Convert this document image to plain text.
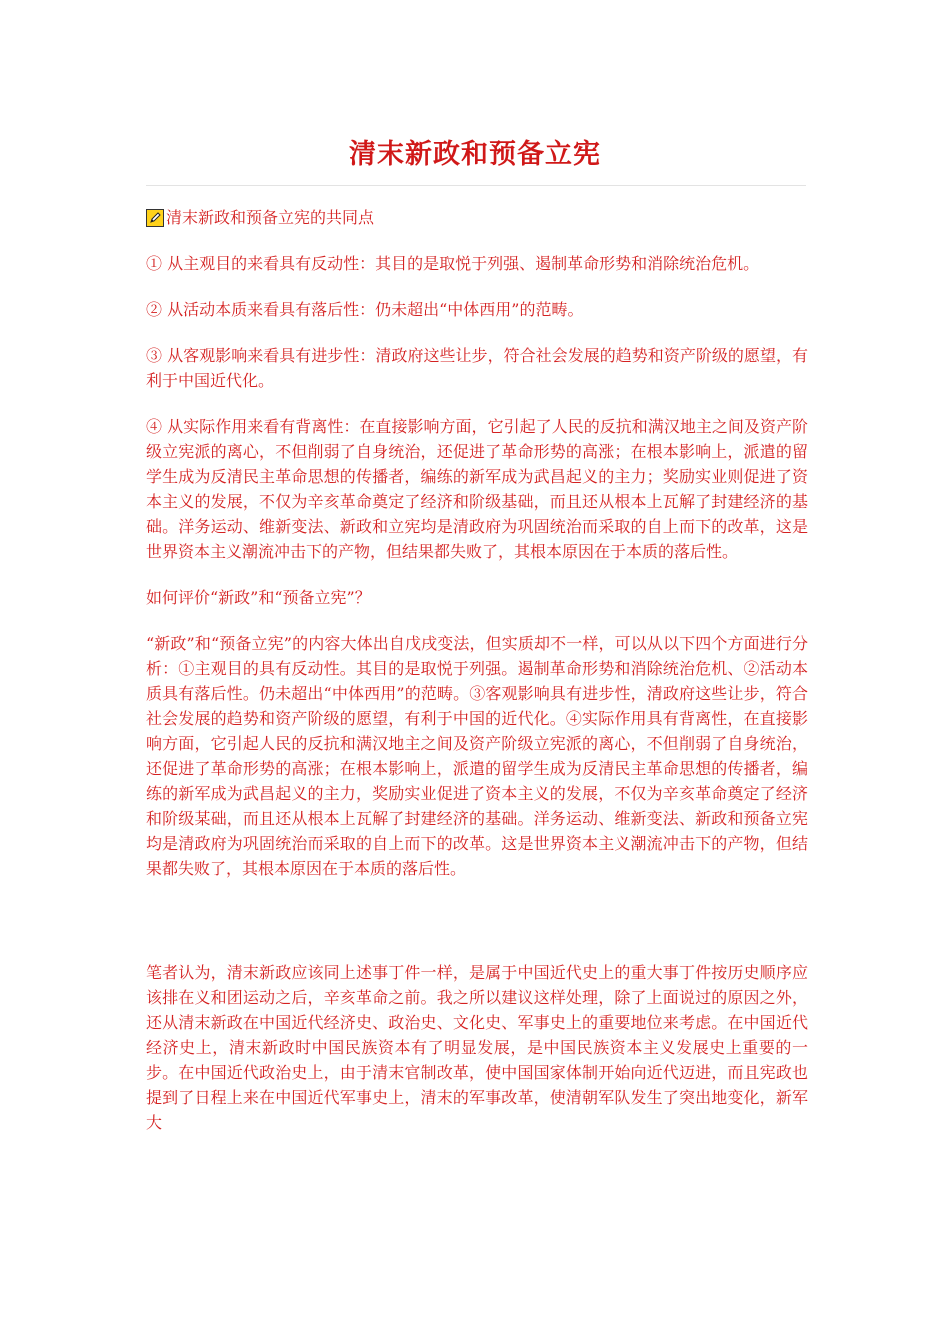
清末新政和预备立宪

清末新政和预备立宪的共同点

① 从主观目的来看具有反动性：其目的是取悦于列强、遏制革命形势和消除统治危机。

② 从活动本质来看具有落后性：仍未超出“中体西用”的范畴。

③ 从客观影响来看具有进步性：清政府这些让步，符合社会发展的趋势和资产阶级的愿望，有利于中国近代化。

④ 从实际作用来看有背离性：在直接影响方面，它引起了人民的反抗和满汉地主之间及资产阶级立宪派的离心，不但削弱了自身统治，还促进了革命形势的高涨；在根本影响上，派遣的留学生成为反清民主革命思想的传播者，编练的新军成为武昌起义的主力；奖励实业则促进了资本主义的发展，不仅为辛亥革命奠定了经济和阶级基础，而且还从根本上瓦解了封建经济的基础。洋务运动、维新变法、新政和立宪均是清政府为巩固统治而采取的自上而下的改革，这是世界资本主义潮流冲击下的产物，但结果都失败了，其根本原因在于本质的落后性。

如何评价“新政”和“预备立宪”？

“新政”和“预备立宪”的内容大体出自戊戌变法，但实质却不一样，可以从以下四个方面进行分析：①主观目的具有反动性。其目的是取悦于列强。遏制革命形势和消除统治危机、②活动本质具有落后性。仍未超出“中体西用”的范畴。③客观影响具有进步性，清政府这些让步，符合社会发展的趋势和资产阶级的愿望，有利于中国的近代化。④实际作用具有背离性，在直接影响方面，它引起人民的反抗和满汉地主之间及资产阶级立宪派的离心，不但削弱了自身统治，还促进了革命形势的高涨；在根本影响上，派遣的留学生成为反清民主革命思想的传播者，编练的新军成为武昌起义的主力，奖励实业促进了资本主义的发展，不仅为辛亥革命奠定了经济和阶级某础，而且还从根本上瓦解了封建经济的基础。洋务运动、维新变法、新政和预备立宪均是清政府为巩固统治而采取的自上而下的改革。这是世界资本主义潮流冲击下的产物，但结果都失败了，其根本原因在于本质的落后性。

笔者认为，清末新政应该同上述事丁件一样，是属于中国近代史上的重大事丁件按历史顺序应该排在义和团运动之后，辛亥革命之前。我之所以建议这样处理，除了上面说过的原因之外，还从清末新政在中国近代经济史、政治史、文化史、军事史上的重要地位来考虑。在中国近代经济史上，清末新政时中国民族资本有了明显发展，是中国民族资本主义发展史上重要的一步。在中国近代政治史上，由于清末官制改革，使中国国家体制开始向近代迈进，而且宪政也提到了日程上来在中国近代军事史上，清末的军事改革，使清朝军队发生了突出地变化，新军大
